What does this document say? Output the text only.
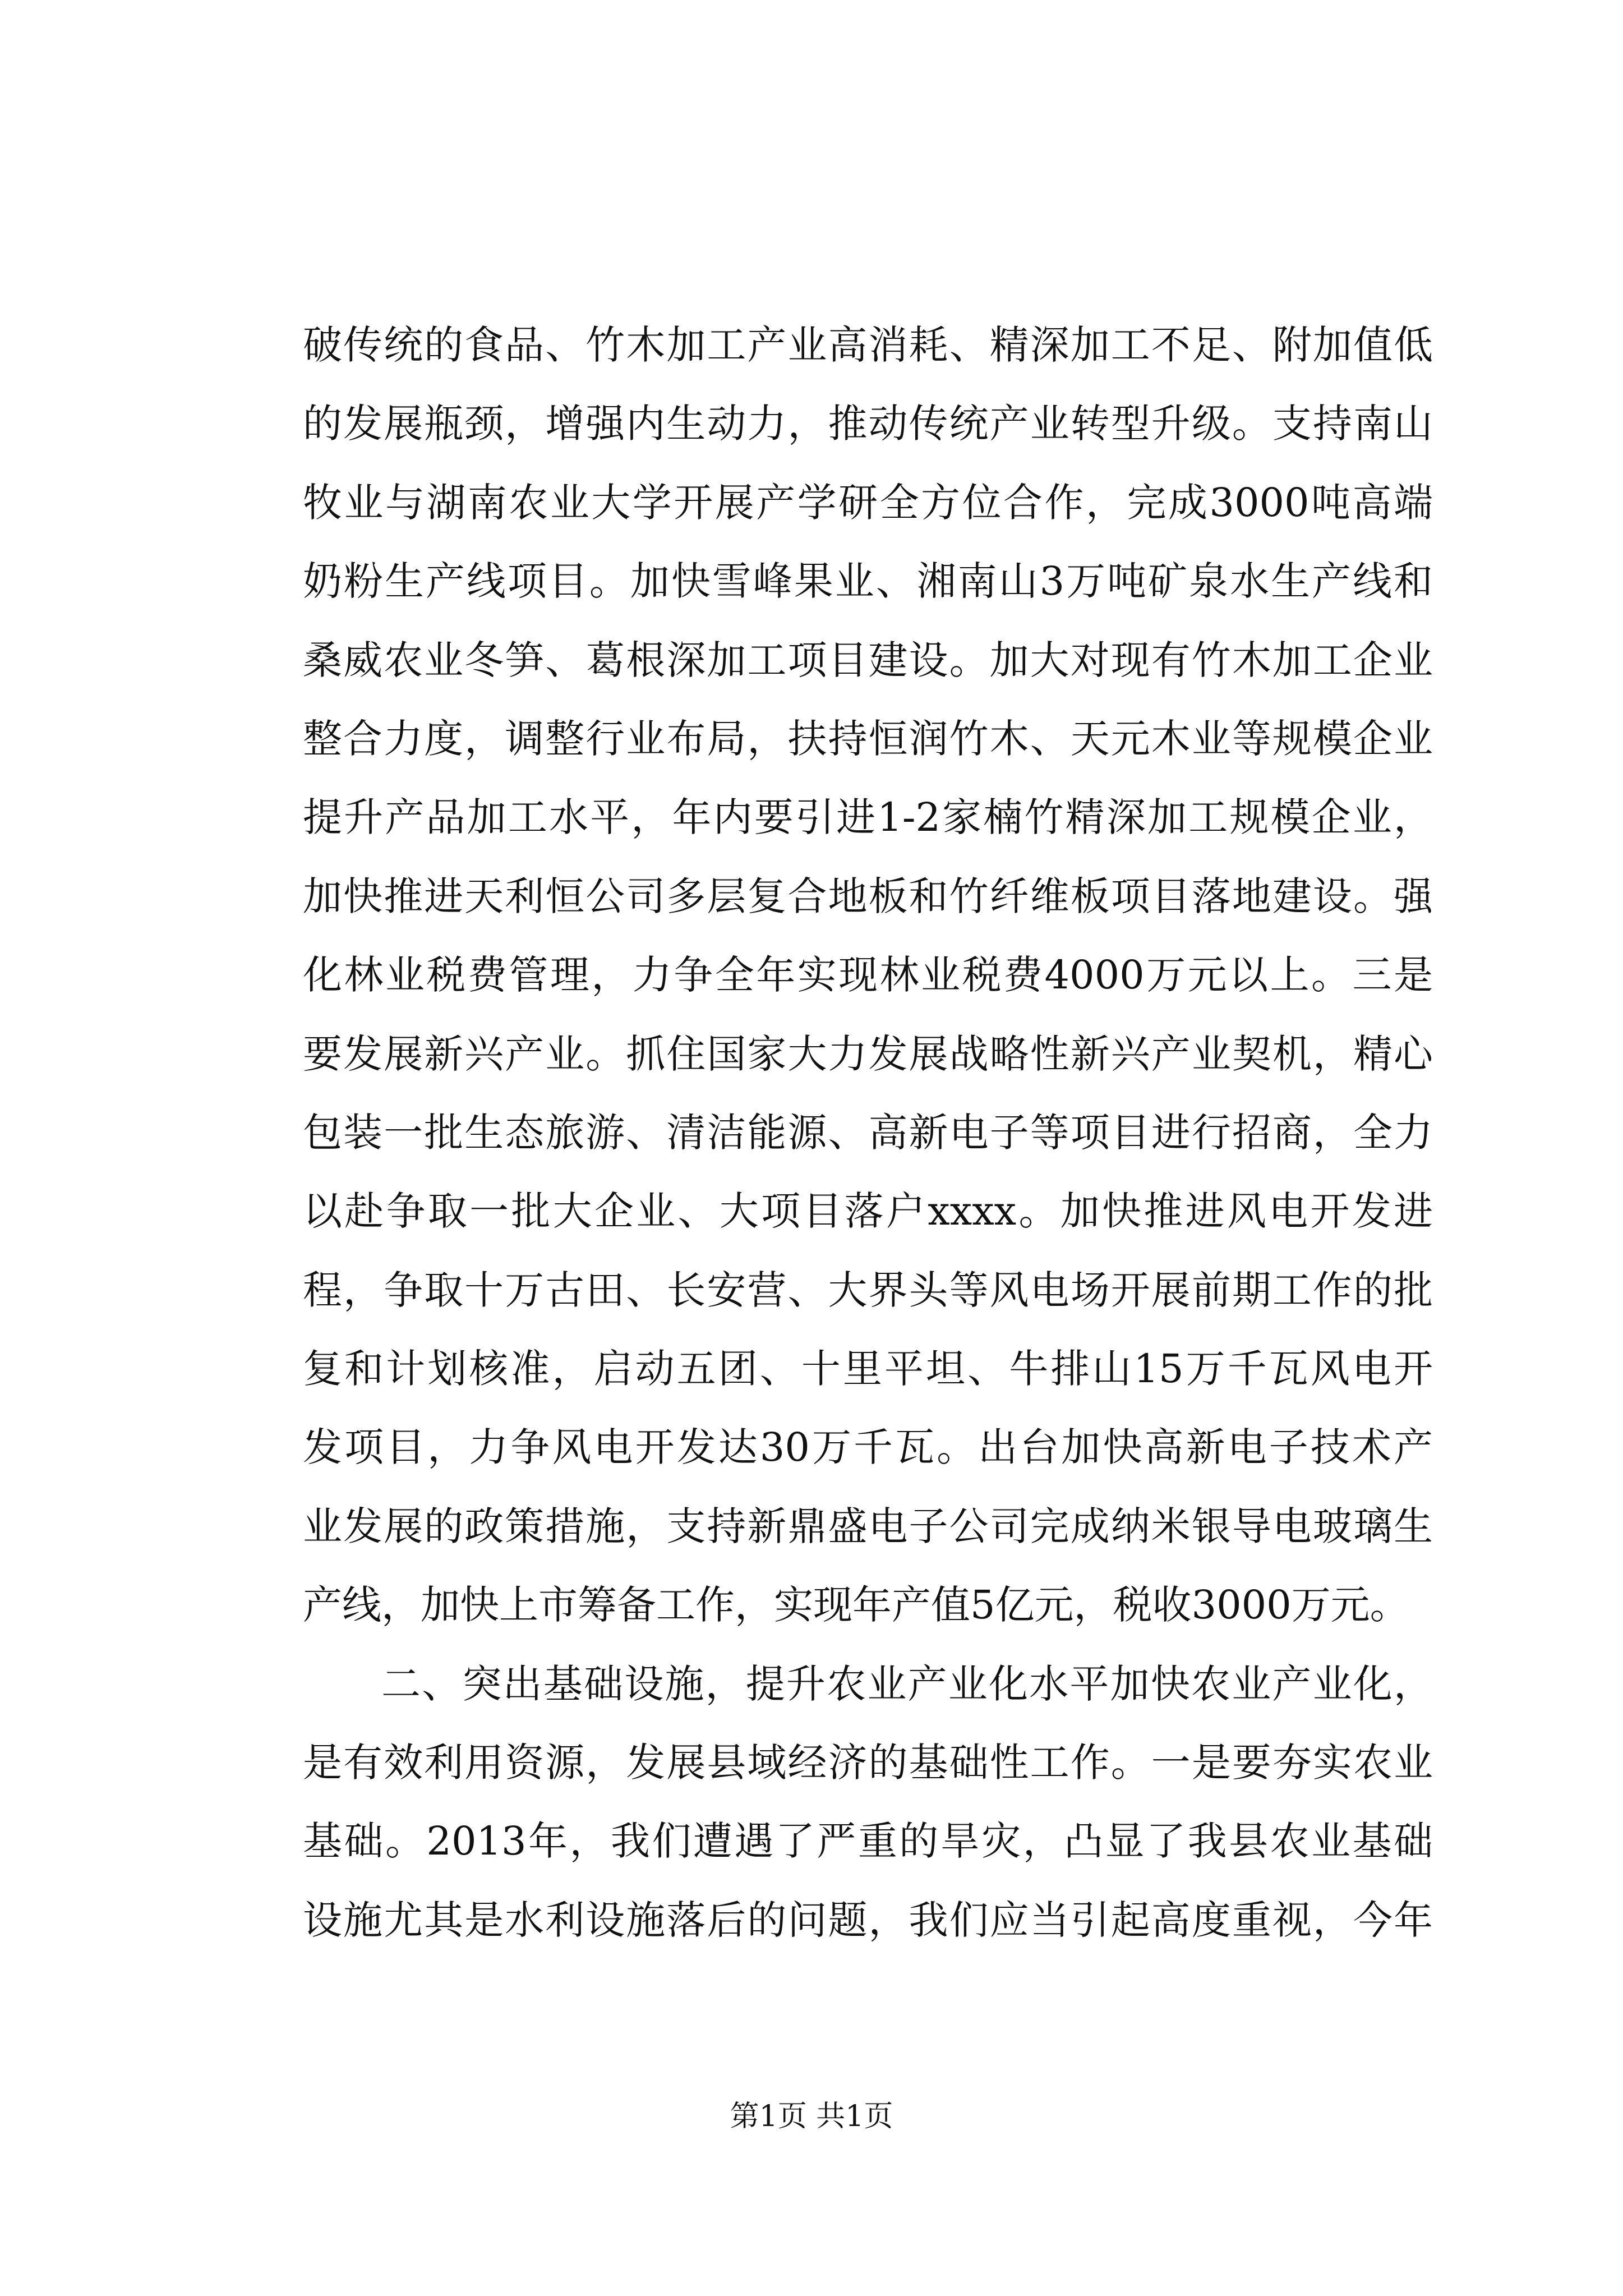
破传统的食品、竹木加工产业高消耗、精深加工不足、附加值低
的发展瓶颈，增强内生动力，推动传统产业转型升级。支持南山
牧业与湖南农业大学开展产学研全方位合作，完成3000吨高端
奶粉生产线项目。加快雪峰果业、湘南山3万吨矿泉水生产线和
桑威农业冬笋、葛根深加工项目建设。加大对现有竹木加工企业
整合力度，调整行业布局，扶持恒润竹木、天元木业等规模企业
提升产品加工水平，年内要引进1-2家楠竹精深加工规模企业，
加快推进天利恒公司多层复合地板和竹纤维板项目落地建设。强
化林业税费管理，力争全年实现林业税费4000万元以上。三是
要发展新兴产业。抓住国家大力发展战略性新兴产业契机，精心
包装一批生态旅游、清洁能源、高新电子等项目进行招商，全力
以赴争取一批大企业、大项目落户xxxx。加快推进风电开发进
程，争取十万古田、长安营、大界头等风电场开展前期工作的批
复和计划核准，启动五团、十里平坦、牛排山15万千瓦风电开
发项目，力争风电开发达30万千瓦。出台加快高新电子技术产
业发展的政策措施，支持新鼎盛电子公司完成纳米银导电玻璃生
产线，加快上市筹备工作，实现年产值5亿元，税收3000万元。
二、突出基础设施，提升农业产业化水平加快农业产业化，
是有效利用资源，发展县域经济的基础性工作。一是要夯实农业
基础。2013年，我们遭遇了严重的旱灾，凸显了我县农业基础
设施尤其是水利设施落后的问题，我们应当引起高度重视，今年
第1页 共1页
